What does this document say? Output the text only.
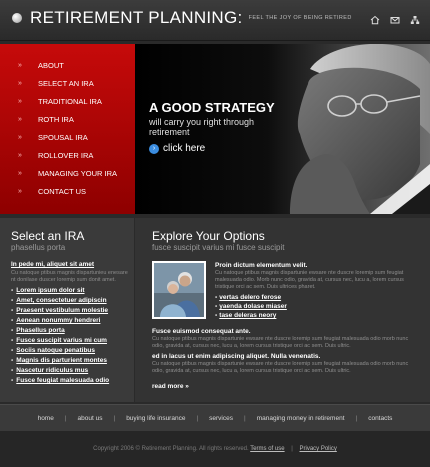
RETIREMENT PLANNING: FEEL THE JOY OF BEING RETIRED
»	ABOUT
»	SELECT AN IRA
»	TRADITIONAL IRA
»	ROTH IRA
»	SPOUSAL IRA
»	ROLLOVER IRA
»	MANAGING YOUR IRA
»	CONTACT US
A GOOD STRATEGY
will carry you right through retirement
› click here
Select an IRA
phasellus porta
In pede mi, aliquet sit amet
Cu natoque ptibus magnis dispartunieu enesare nt donilase duscer loremip sum donit amet.
• Lorem ipsum dolor sit
• Amet, consectetuer adipiscin
• Praesent vestibulum molestie
• Aenean nonummy hendreri
• Phasellus porta
• Fusce suscipit varius mi cum
• Sociis natoque penatibus
• Magnis dis parturient montes
• Nascetur ridiculus mus
• Fusce feugiat malesuada odio
Explore Your Options
fusce suscipit varius mi fusce suscipit
Proin dictum elementum velit.
Cu natoque ptibus magnis dispartunie ewsare nte duscre loremip sum feugiat malesuada odio. Morb nunc odio, gravida at, cursus nec, lucu a, lorem cursus tristique orci ac sem. Duis ultrices pharet.
• vertas delero ferose
• yaenda dolase miaser
• tase deleras neory
Fusce euismod consequat ante.
Cu natoque ptibus magnis dispartunie ewsare nte duscre loremip sum feugiat malesuada odio morb nunc odio, gravida at, cursus nec, lucu a, lorem cursus tristique orci ac sem. Duis ultric.
ed in lacus ut enim adipiscing aliquet. Nulla venenatis.
Cu natoque ptibus magnis dispartunie ewsare nte duscre loremip sum feugiat malesuada odio morb nunc odio, gravida at, cursus nec, lucu a, lorem cursus tristique orci ac sem. Duis ultric.
read more »
home | about us | buying life insurance | services | managing money in retirement | contacts
Copyright 2006 © Retirement Planning. All rights reserved. Terms of use | Privacy Policy
